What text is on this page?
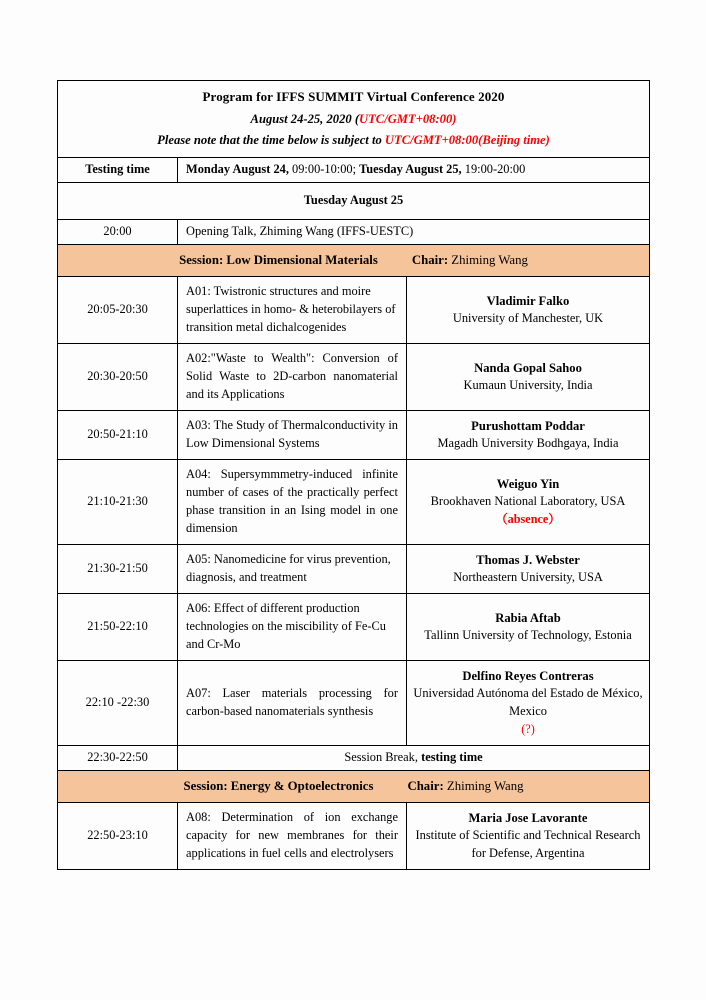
Program for IFFS SUMMIT Virtual Conference 2020
August 24-25, 2020 (UTC/GMT+08:00)
Please note that the time below is subject to UTC/GMT+08:00(Beijing time)		

Testing time	Monday August 24, 09:00-10:00; Tuesday August 25, 19:00-20:00	
Tuesday August 25		
20:00	Opening Talk, Zhiming Wang (IFFS-UESTC)	

Session: Low Dimensional Materials Chair: Zhiming Wang		

20:05-20:30	A01: Twistronic structures and moire superlattices in homo- & heterobilayers of transition metal dichalcogenides	Vladimir Falko
University of Manchester, UK

20:30-20:50	A02:"Waste to Wealth": Conversion of Solid Waste to 2D-carbon nanomaterial and its Applications	Nanda Gopal Sahoo
Kumaun University, India

20:50-21:10	A03: The Study of Thermalconductivity in Low Dimensional Systems	Purushottam Poddar
Magadh University Bodhgaya, India

21:10-21:30	A04: Supersymmmetry-induced infinite number of cases of the practically perfect phase transition in an Ising model in one dimension	Weiguo Yin
Brookhaven National Laboratory, USA
（absence）

21:30-21:50	A05: Nanomedicine for virus prevention, diagnosis, and treatment	Thomas J. Webster
Northeastern University, USA

21:50-22:10	A06: Effect of different production technologies on the miscibility of Fe-Cu and Cr-Mo	Rabia Aftab
Tallinn University of Technology, Estonia

22:10 -22:30	A07: Laser materials processing for carbon-based nanomaterials synthesis	Delfino Reyes Contreras
Universidad Autónoma del Estado de México, Mexico
(?)

22:30-22:50	Session Break, testing time	

Session: Energy & Optoelectronics Chair: Zhiming Wang		

22:50-23:10	A08: Determination of ion exchange capacity for new membranes for their applications in fuel cells and electrolysers	Maria Jose Lavorante
Institute of Scientific and Technical Research for Defense, Argentina
